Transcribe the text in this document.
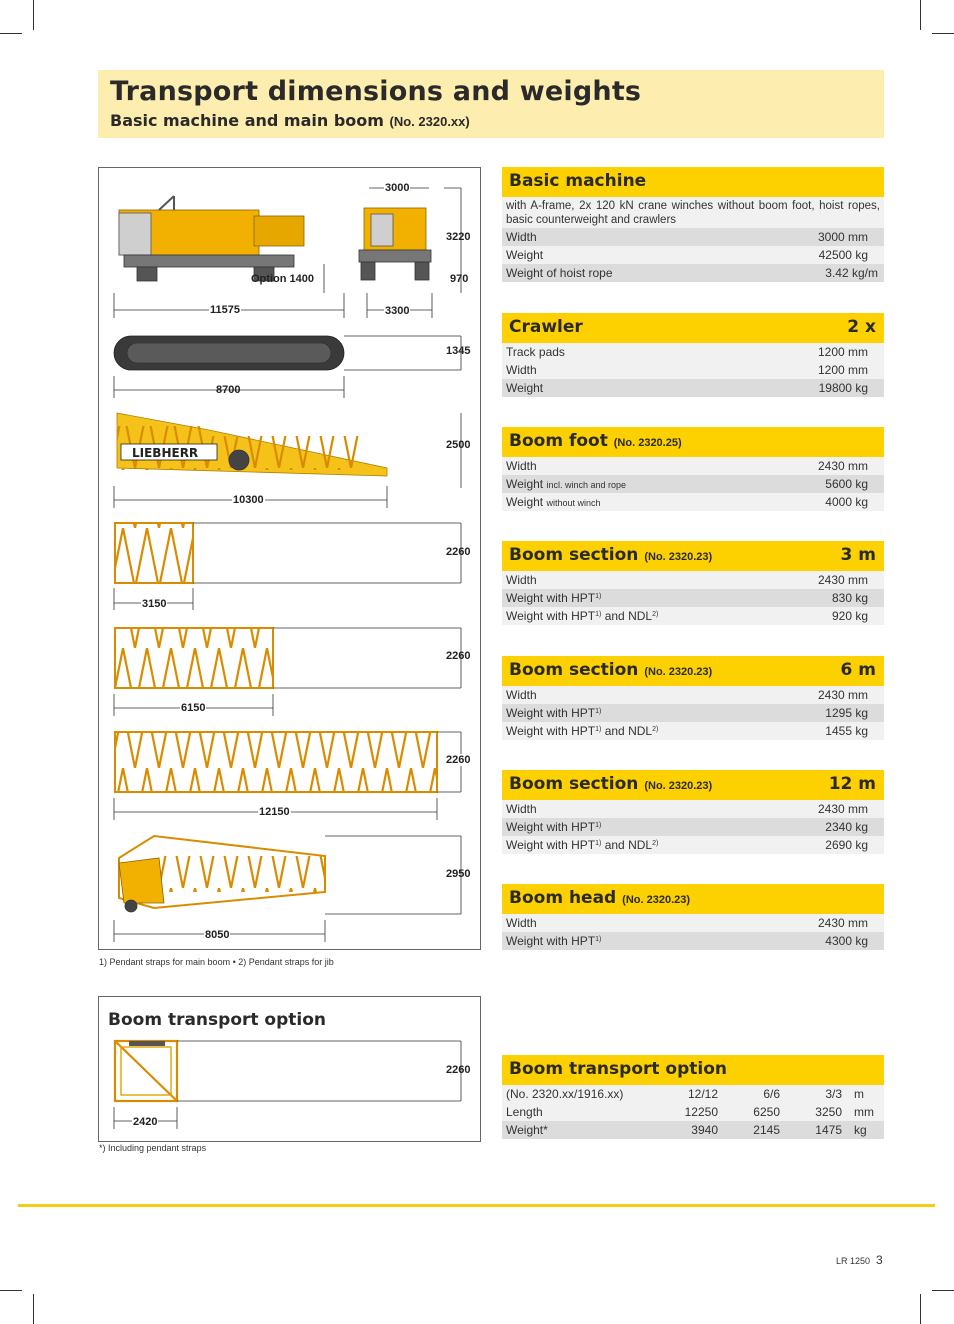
Transport dimensions and weights
Basic machine and main boom (No. 2320.xx)
LIEBHERR
3000
3220
Option 1400	970
11575	3300
1345
8700
2500
10300
2260
3150
2260
6150
2260
12150
2950
8050
1) Pendant straps for main boom • 2) Pendant straps for jib
Boom transport option
2260
2420
*) Including pendant straps
Basic machine
with A-frame, 2x 120 kN crane winches without boom foot, hoist ropes, basic counterweight and crawlers
Width	3000 mm
Weight	42500 kg
Weight of hoist rope	3.42 kg/m
Crawler	2 x
Track pads	1200 mm
Width	1200 mm
Weight	19800 kg
Boom foot (No. 2320.25)
Width	2430 mm
Weight incl. winch and rope	5600 kg
Weight without winch	4000 kg
Boom section (No. 2320.23)	3 m
Width	2430 mm
Weight with HPT$^{1)}$	830 kg
Weight with HPT$^{1)}$ and NDL$^{2)}$	920 kg
Boom section (No. 2320.23)	6 m
Width	2430 mm
Weight with HPT$^{1)}$	1295 kg
Weight with HPT$^{1)}$ and NDL$^{2)}$	1455 kg
Boom section (No. 2320.23)	12 m
Width	2430 mm
Weight with HPT$^{1)}$	2340 kg
Weight with HPT$^{1)}$ and NDL$^{2)}$	2690 kg
Boom head (No. 2320.23)
Width	2430 mm
Weight with HPT$^{1)}$	4300 kg
Boom transport option
(No. 2320.xx/1916.xx)	12/12	6/6	3/3 m
Length	12250	6250	3250 mm
Weight*	3940	2145	1475 kg
LR 1250 3
